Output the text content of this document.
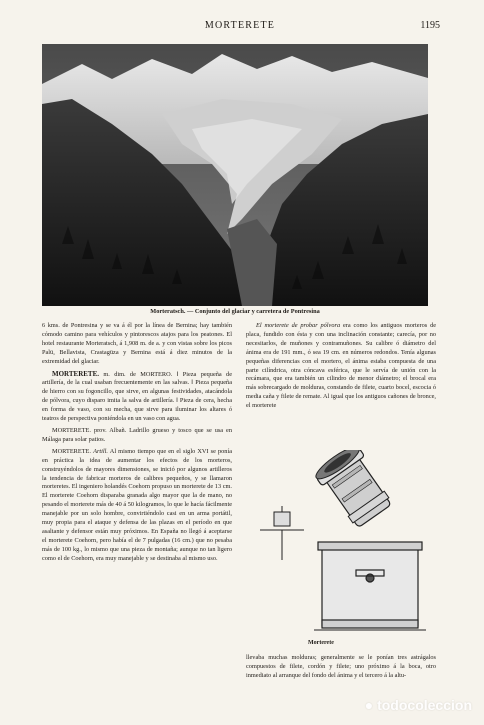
MORTERETE	1195
Morteratsch. — Conjunto del glaciar y carretera de Pontresina

6 kms. de Pontresina y se va á él por la línea de Bernina; hay también cómodo camino para vehículos y pintorescos atajos para los peatones. El hotel restaurante Morteratsch, á 1,908 m. de a. y con vistas sobre los picos Palü, Bellavista, Crastagüza y Bernina está á diez minutos de la extremidad del glaciar.

MORTERETE. m. dim. de MORTERO. ‖ Pieza pequeña de artillería, de la cual usaban frecuentemente en las salvas. ‖ Pieza pequeña de hierro con su fogoncillo, que sirve, en algunas festividades, atacándola de pólvora, cuyo disparo imita la salva de artillería. ‖ Pieza de cera, hecha en forma de vaso, con su mecha, que sirve para iluminar los altares ó teatros de perspectiva poniéndola en un vaso con agua.

MORTERETE. prov. Albañ. Ladrillo grueso y tosco que se usa en Málaga para solar patios.

MORTERETE. Artill. Al mismo tiempo que en el siglo XVI se ponía en práctica la idea de aumentar los efectos de los morteros, construyéndolos de mayores dimensiones, se inició por algunos artilleros la tendencia de fabricar morteros de calibres pequeños, y se llamaron morteretes. El ingeniero holandés Coehorn propuso un morterete de 13 cm. El morterete Coehorn disparaba granada algo mayor que la de mano, no pesando el morterete más de 40 á 50 kilogramos, lo que le hacía fácilmente manejable por un solo hombre, convirtiéndolo casi en un arma portátil, muy propia para el ataque y defensa de las plazas en el período en que asaltante y defensor están muy próximos. En España no llegó á aceptarse el morterete Coehorn, pero había el de 7 pulgadas (16 cm.) que no pesaba más de 100 kg., lo mismo que una pieza de montaña; aunque no tan ligero como el de Coehorn, era muy manejable y se destinaba al mismo uso.

El morterete de probar pólvora era como los antiguos morteros de placa, fundido con ésta y con una inclinación constante; carecía, por no necesitarlos, de muñones y contramuñones. Su calibre ó diámetro del ánima era de 191 mm., ó sea 19 cm. en números redondos. Tenía algunas pequeñas diferencias con el mortero, el ánima estaba compuesta de una parte cilíndrica, otra cóncava esférica, que le servía de unión con la recámara, que era también un cilindro de menor diámetro; el brocal era más sobrecargado de molduras, constando de filete, cuarto bocel, escocia ó media caña y filete de remate. Al igual que los antiguos cañones de bronce, el morterete

Morterete

llevaba muchas molduras; generalmente se le ponían tres astrágalos compuestos de filete, cordón y filete; uno próximo á la boca, otro inmediato al arranque del fondo del ánima y el tercero á la altu-

● todocoleccion
